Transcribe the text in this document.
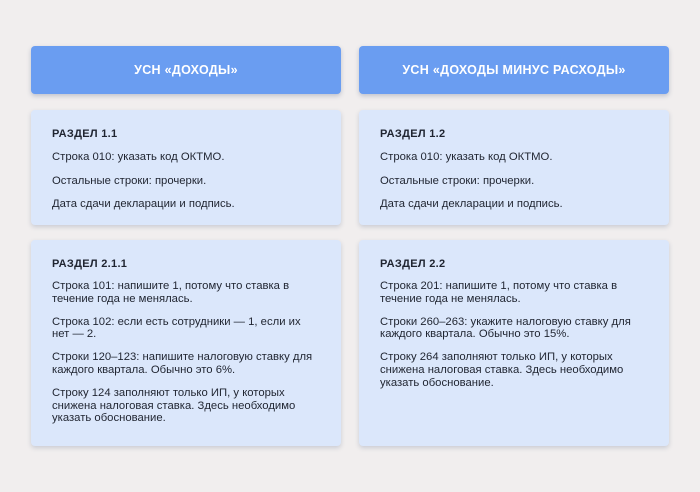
УСН «ДОХОДЫ»
РАЗДЕЛ 1.1

Строка 010: указать код ОКТМО.

Остальные строки: прочерки.

Дата сдачи декларации и подпись.

РАЗДЕЛ 2.1.1

Строка 101: напишите 1, потому что ставка в течение года не менялась.

Строка 102: если есть сотрудники — 1, если их нет — 2.

Строки 120–123: напишите налоговую ставку для каждого квартала. Обычно это 6%.

Строку 124 заполняют только ИП, у которых снижена налоговая ставка. Здесь необходимо указать обоснование.

УСН «ДОХОДЫ МИНУС РАСХОДЫ»
РАЗДЕЛ 1.2

Строка 010: указать код ОКТМО.

Остальные строки: прочерки.

Дата сдачи декларации и подпись.

РАЗДЕЛ 2.2

Строка 201: напишите 1, потому что ставка в течение года не менялась.

Строки 260–263: укажите налоговую ставку для каждого квартала. Обычно это 15%.

Строку 264 заполняют только ИП, у которых снижена налоговая ставка. Здесь необходимо указать обоснование.
